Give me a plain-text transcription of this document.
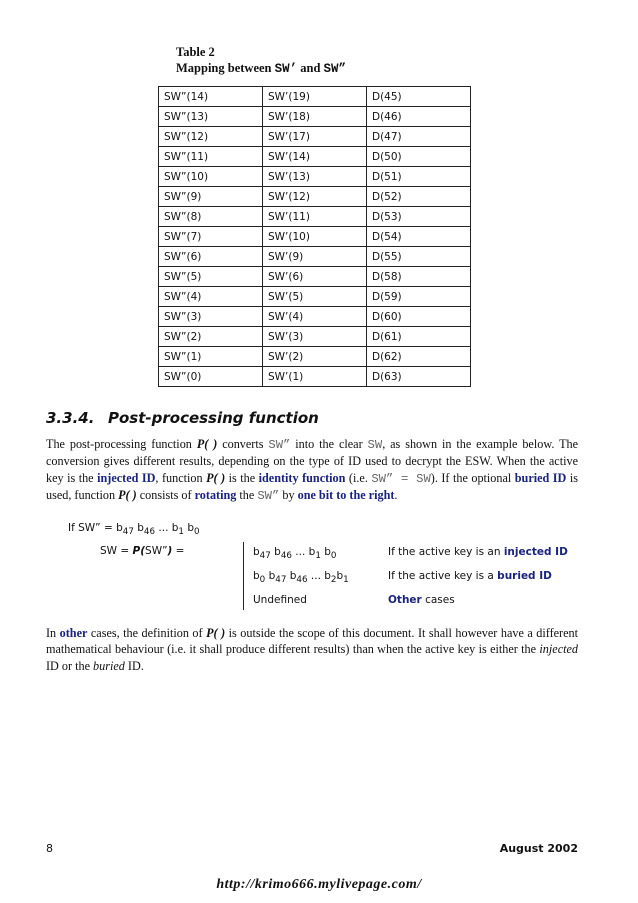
Table 2
Mapping between SW’ and SW”
SW”(14)	SW’(19)	D(45)
SW”(13)	SW’(18)	D(46)
SW”(12)	SW’(17)	D(47)
SW”(11)	SW’(14)	D(50)
SW”(10)	SW’(13)	D(51)
SW”(9)	SW’(12)	D(52)
SW”(8)	SW’(11)	D(53)
SW”(7)	SW’(10)	D(54)
SW”(6)	SW’(9)	D(55)
SW”(5)	SW’(6)	D(58)
SW”(4)	SW’(5)	D(59)
SW”(3)	SW’(4)	D(60)
SW”(2)	SW’(3)	D(61)
SW”(1)	SW’(2)	D(62)
SW”(0)	SW’(1)	D(63)
3.3.4. Post-processing function
The post-processing function P( ) converts SW” into the clear SW, as shown in the example below. The conversion gives different results, depending on the type of ID used to decrypt the ESW. When the active key is the injected ID, function P( ) is the identity function (i.e. SW” = SW). If the optional buried ID is used, function P( ) consists of rotating the SW” by one bit to the right.
If SW” = $b_{47}$ $b_{46}$ ... $b_1$ $b_0$
SW = P(SW”) =	$b_{47}$ $b_{46}$ ... $b_1$ $b_0$	If the active key is an injected ID
$b_0$ $b_{47}$ $b_{46}$ ... $b_2b_1$	If the active key is a buried ID
Undefined	Other cases
In other cases, the definition of P( ) is outside the scope of this document. It shall however have a different mathematical behaviour (i.e. it shall produce different results) than when the active key is either the injected ID or the buried ID.
8	August 2002
http://krimo666.mylivepage.com/
